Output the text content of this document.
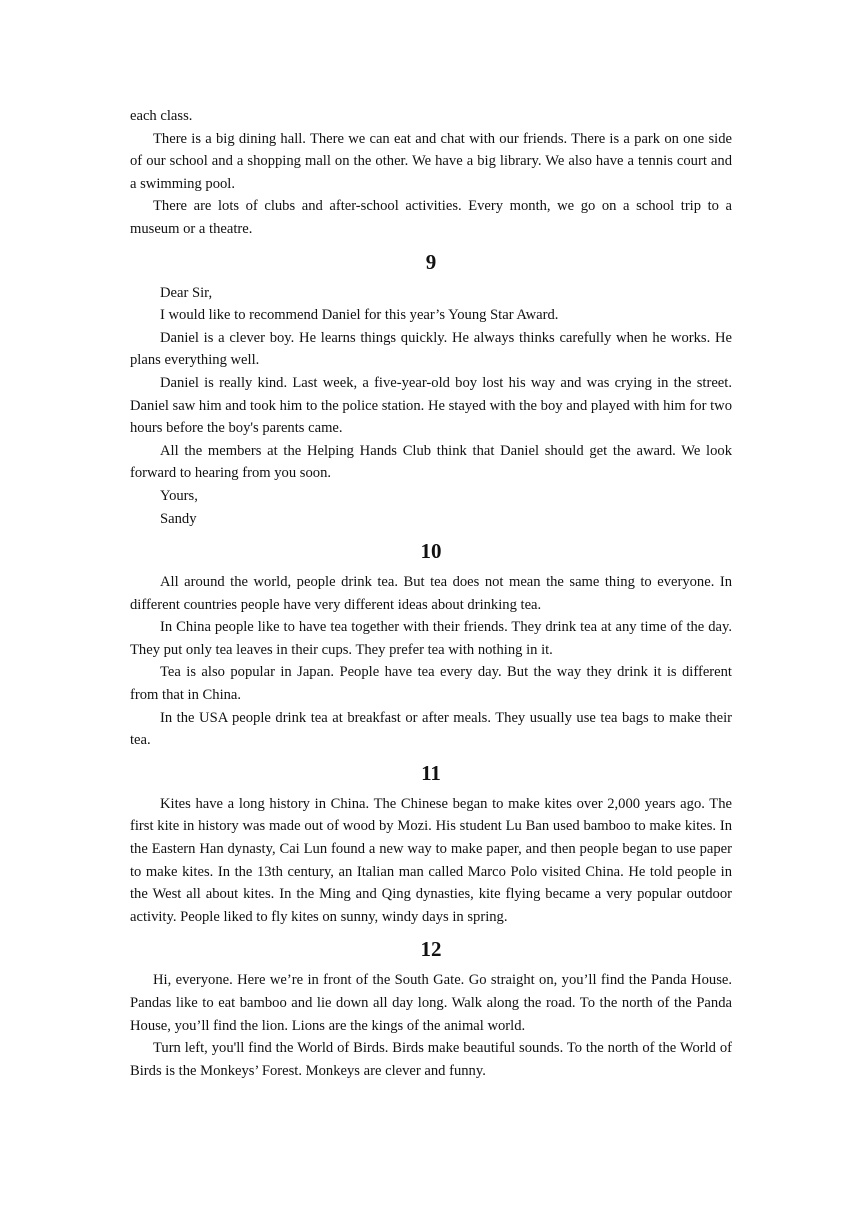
each class.

There is a big dining hall. There we can eat and chat with our friends. There is a park on one side of our school and a shopping mall on the other. We have a big library. We also have a tennis court and a swimming pool.

There are lots of clubs and after-school activities. Every month, we go on a school trip to a museum or a theatre.

9

Dear Sir,

I would like to recommend Daniel for this year’s Young Star Award.

Daniel is a clever boy. He learns things quickly. He always thinks carefully when he works. He plans everything well.

Daniel is really kind. Last week, a five-year-old boy lost his way and was crying in the street. Daniel saw him and took him to the police station. He stayed with the boy and played with him for two hours before the boy's parents came.

All the members at the Helping Hands Club think that Daniel should get the award. We look forward to hearing from you soon.

Yours,

Sandy

10

All around the world, people drink tea. But tea does not mean the same thing to everyone. In different countries people have very different ideas about drinking tea.

In China people like to have tea together with their friends. They drink tea at any time of the day. They put only tea leaves in their cups. They prefer tea with nothing in it.

Tea is also popular in Japan. People have tea every day. But the way they drink it is different from that in China.

In the USA people drink tea at breakfast or after meals. They usually use tea bags to make their tea.

11

Kites have a long history in China. The Chinese began to make kites over 2,000 years ago. The first kite in history was made out of wood by Mozi. His student Lu Ban used bamboo to make kites. In the Eastern Han dynasty, Cai Lun found a new way to make paper, and then people began to use paper to make kites. In the 13th century, an Italian man called Marco Polo visited China. He told people in the West all about kites. In the Ming and Qing dynasties, kite flying became a very popular outdoor activity. People liked to fly kites on sunny, windy days in spring.

12

Hi, everyone. Here we’re in front of the South Gate. Go straight on, you’ll find the Panda House. Pandas like to eat bamboo and lie down all day long. Walk along the road. To the north of the Panda House, you’ll find the lion. Lions are the kings of the animal world.

Turn left, you'll find the World of Birds. Birds make beautiful sounds. To the north of the World of Birds is the Monkeys’ Forest. Monkeys are clever and funny.
